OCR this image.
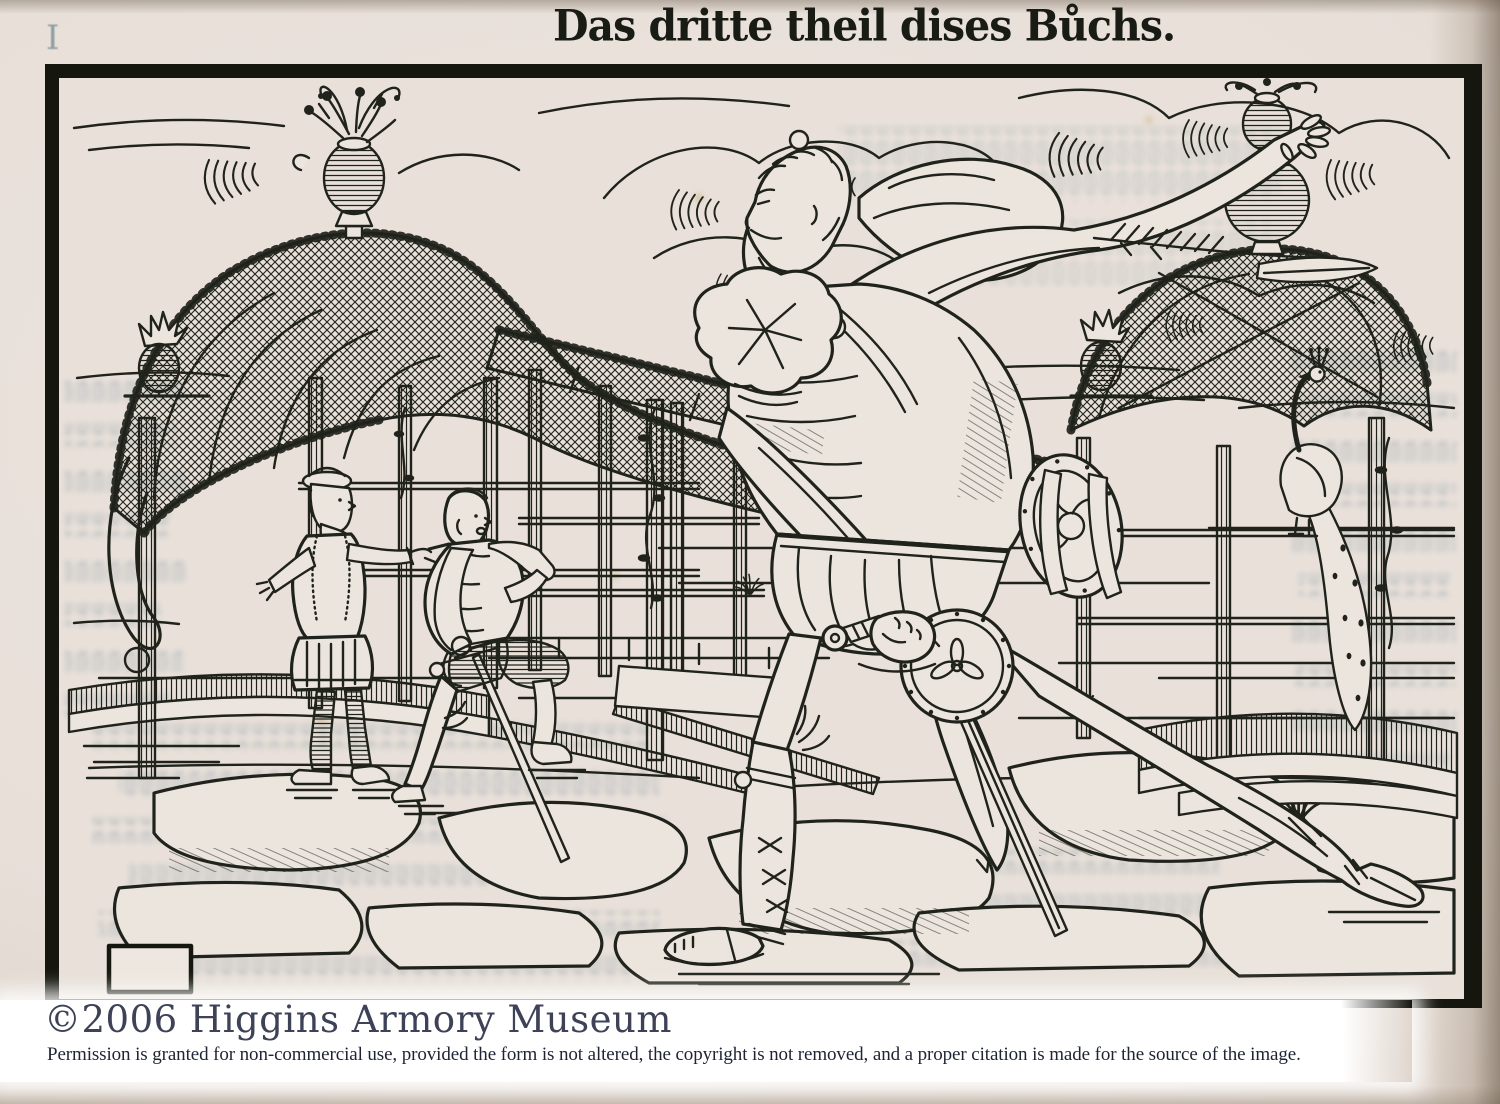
I	Das dritte theil dises Bůchs.
©2006 Higgins Armory Museum
Permission is granted for non-commercial use, provided the form is not altered, the copyright is not removed, and a proper citation is made for the source of the image.
